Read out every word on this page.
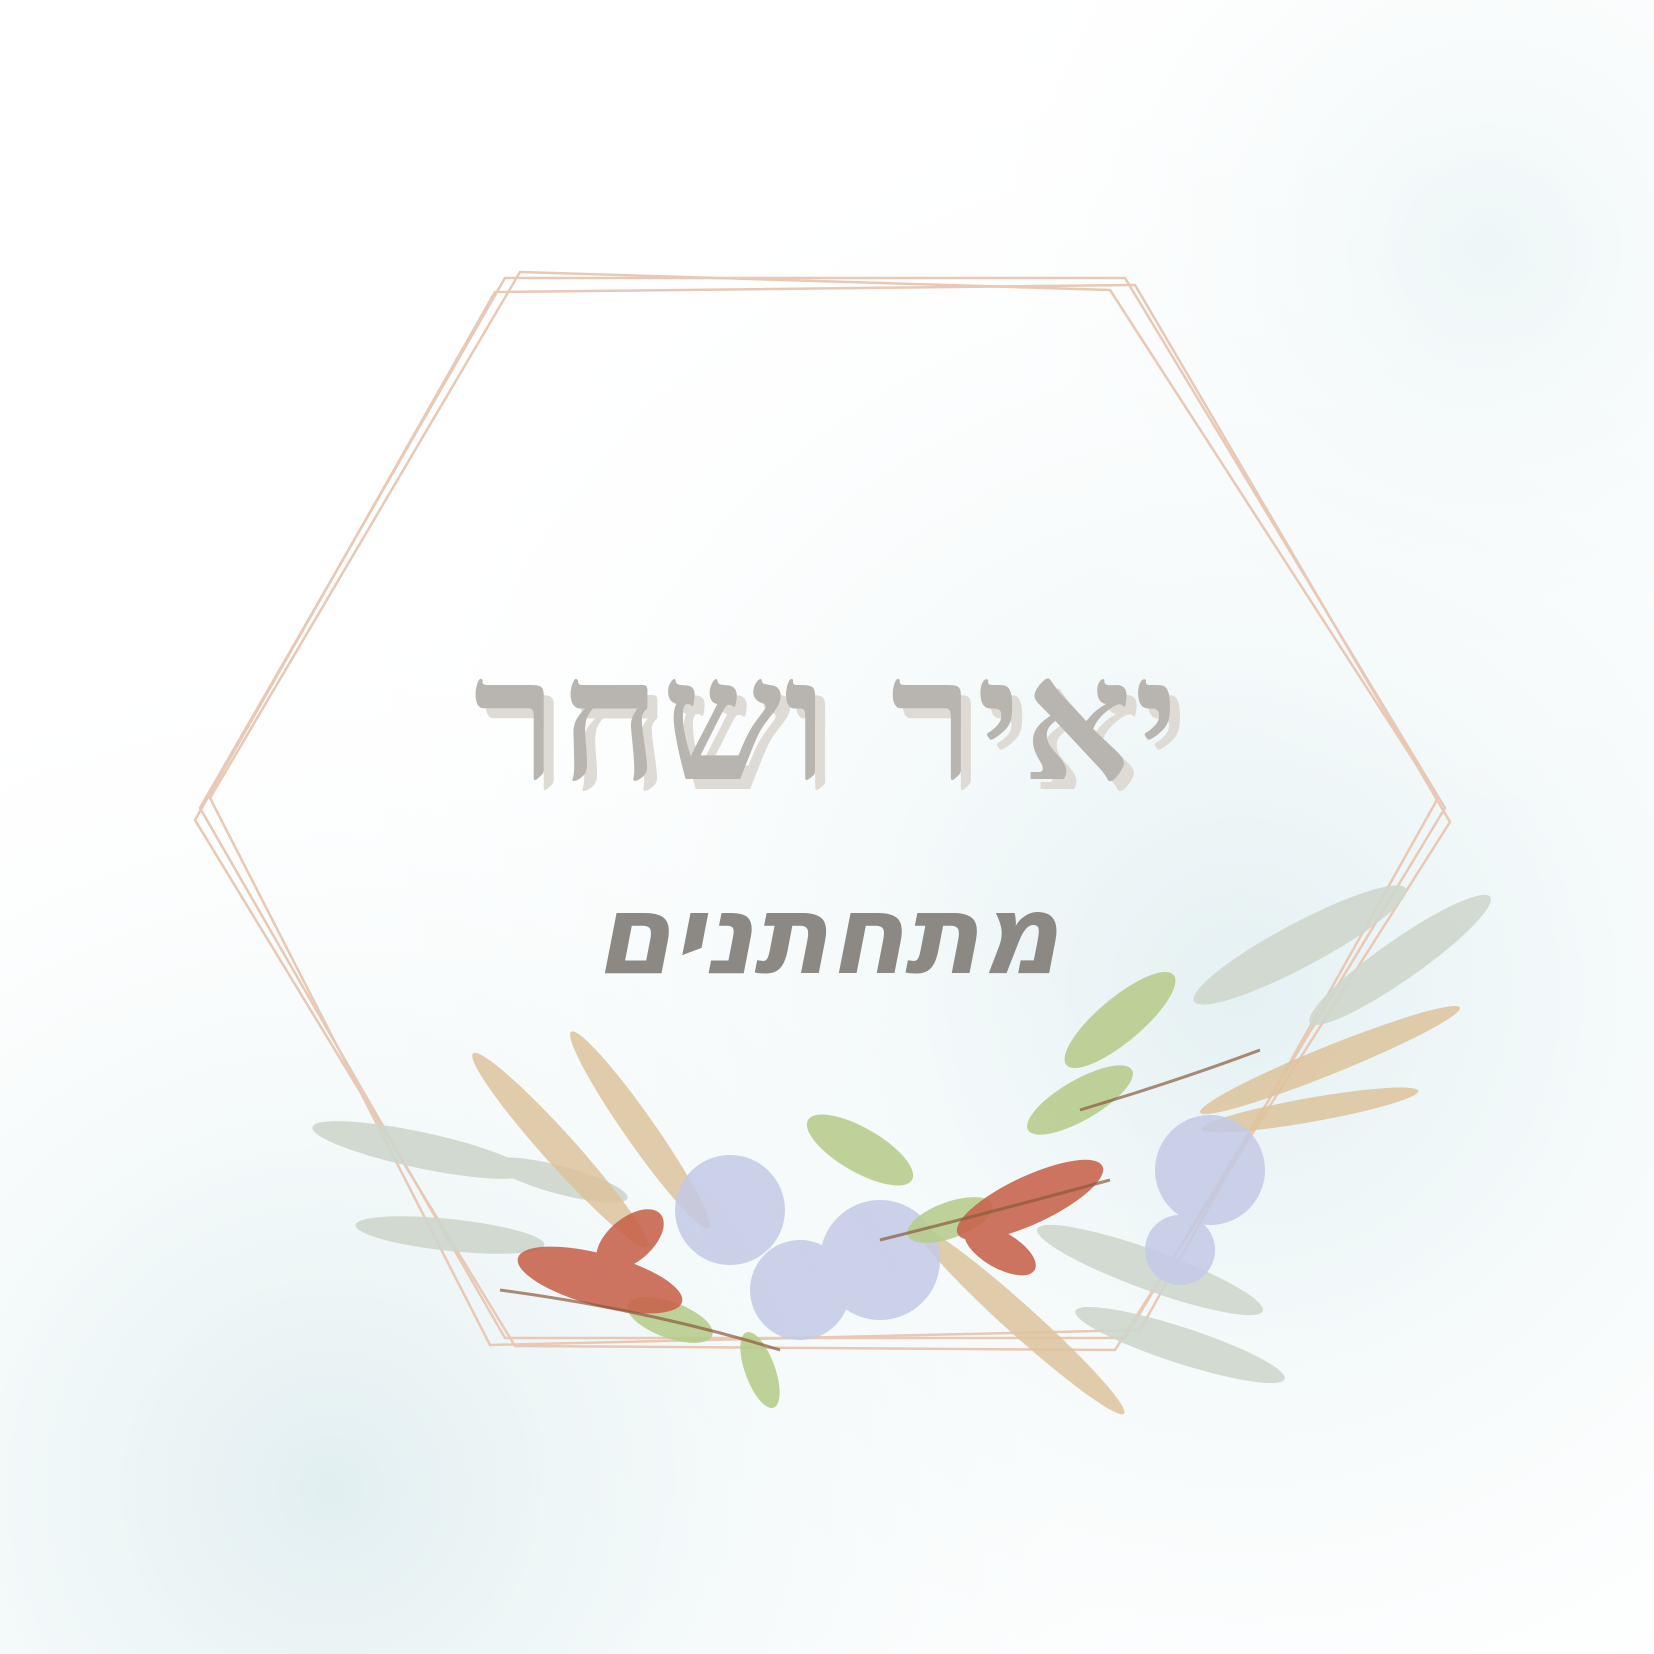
יאיר ושחר
מתחתנים
